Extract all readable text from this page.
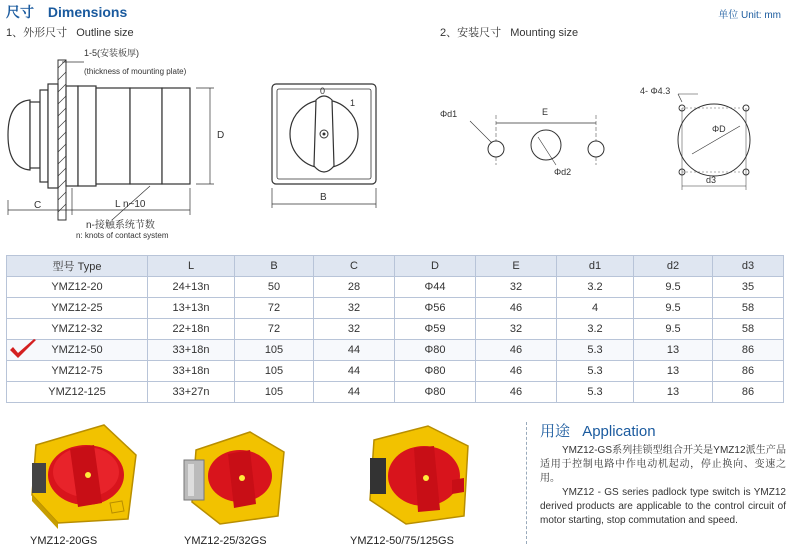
尺寸 Dimensions	单位 Unit: mm
1、外形尺寸 Outline size	2、安装尺寸 Mounting size
D
C	L n~10
1-5(安装板厚)
(thickness of mounting plate)
n-接触系统节数
n: knots of contact system
0
1
B
Φd1	E
Φd2
4- Φ4.3
ΦD
d3
型号 Type	L	B	C	D	E	d1	d2	d3
YMZ12-20	24+13n	50	28	Φ44	32	3.2	9.5	35
YMZ12-25	13+13n	72	32	Φ56	46	4	9.5	58
YMZ12-32	22+18n	72	32	Φ59	32	3.2	9.5	58
YMZ12-50	33+18n	105	44	Φ80	46	5.3	13	86
YMZ12-75	33+18n	105	44	Φ80	46	5.3	13	86
YMZ12-125	33+27n	105	44	Φ80	46	5.3	13	86
YMZ12-20GS	YMZ12-25/32GS	YMZ12-50/75/125GS
用途 Application

YMZ12-GS系列挂锁型组合开关是YMZ12派生产品适用于控制电路中作电动机起动，停止换向、变速之用。

YMZ12 - GS series padlock type switch is YMZ12 derived products are applicable to the control circuit of motor starting, stop commutation and speed.
